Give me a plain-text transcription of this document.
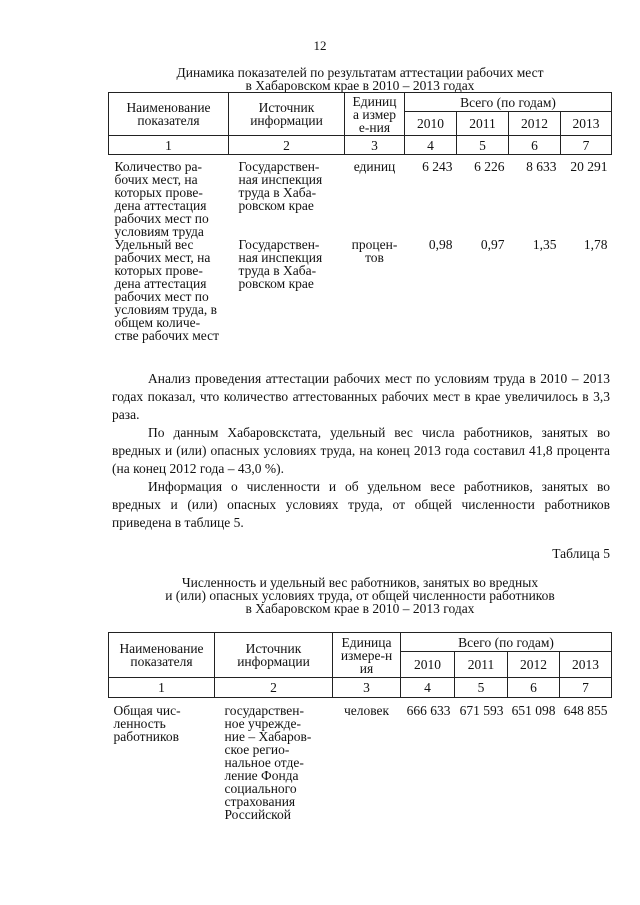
12
Динамика показателей по результатам аттестации рабочих мест
в Хабаровском крае в 2010 – 2013 годах
Наименование показателя	Источник информации	Единица измере-ния	Всего (по годам)			
			2010	2011	2012	2013
1	2	3	4	5	6	7

Количество ра-бочих мест, на которых прове-дена аттестация рабочих мест по условиям труда	Государствен-ная инспекция труда в Хаба-ровском крае	единиц	6 243	6 226	8 633	20 291

Удельный вес рабочих мест, на которых прове-дена аттестация рабочих мест по условиям труда, в общем количе-стве рабочих мест	Государствен-ная инспекция труда в Хаба-ровском крае	процен-тов	0,98	0,97	1,35	1,78

Анализ проведения аттестации рабочих мест по условиям труда в 2010 – 2013 годах показал, что количество аттестованных рабочих мест в крае увеличилось в 3,3 раза.

По данным Хабаровскстата, удельный вес числа работников, занятых во вредных и (или) опасных условиях труда, на конец 2013 года составил 41,8 процента (на конец 2012 года – 43,0 %).

Информация о численности и об удельном весе работников, занятых во вредных и (или) опасных условиях труда, от общей численности работников приведена в таблице 5.

Таблица 5
Численность и удельный вес работников, занятых во вредных
и (или) опасных условиях труда, от общей численности работников
в Хабаровском крае в 2010 – 2013 годах
Наименование показателя	Источник информации	Единица измере-ния	Всего (по годам)			
			2010	2011	2012	2013
1	2	3	4	5	6	7

Общая чис-ленность работников	государствен-ное учрежде-ние – Хабаров-ское регио-нальное отде-ление Фонда социального страхования Российской	человек	666 633	671 593	651 098	648 855
